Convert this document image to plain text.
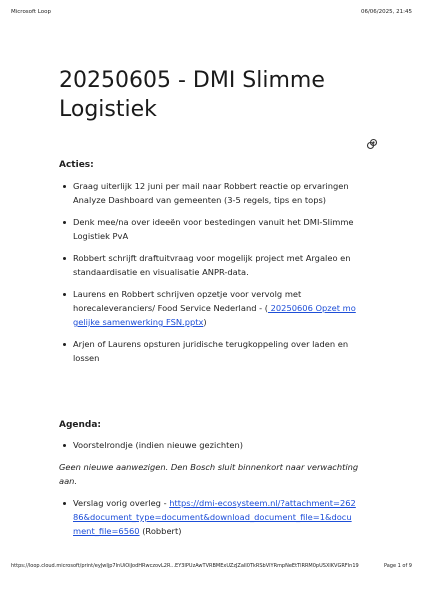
Microsoft Loop	06/06/2025, 21:45
20250605 - DMI Slimme Logistiek

Acties:

Graag uiterlijk 12 juni per mail naar Robbert reactie op ervaringen Analyze Dashboard van gemeenten (3-5 regels, tips en tops)
Denk mee/na over ideeën voor bestedingen vanuit het DMI-Slimme Logistiek PvA
Robbert schrijft draftuitvraag voor mogelijk project met Argaleo en standaardisatie en visualisatie ANPR-data.
Laurens en Robbert schrijven opzetje voor vervolg met horecaleveranciers/ Food Service Nederland - ( 20250606 Opzet mogelijke samenwerking FSN.pptx)
Arjen of Laurens opsturen juridische terugkoppeling over laden en lossen

Agenda:

Voorstelrondje (indien nieuwe gezichten)

Geen nieuwe aanwezigen. Den Bosch sluit binnenkort naar verwachting aan.

Verslag vorig overleg - https://dmi-ecosysteem.nl/?attachment=26286&document_type=document&download_document_file=1&document_file=6560 (Robbert)
https://loop.cloud.microsoft/print/eyJwIjp7InUiOiJodHRwczovL2R...EY3IPUzAwTVRBMExUZzJZalI0TkRSbVlYRmpNeEtTlRRM0pUSXlKVGRFIn19	Page 1 of 9
